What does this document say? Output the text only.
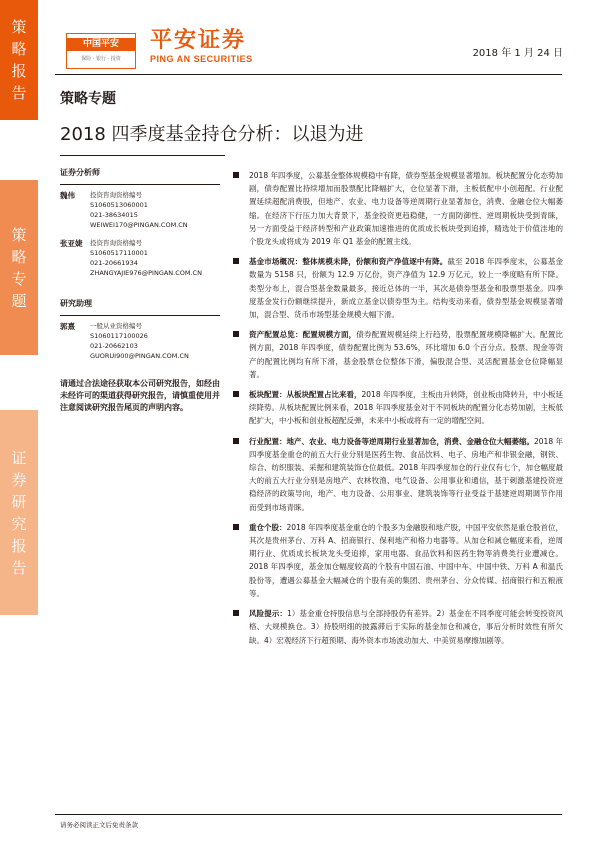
策
略
报
告
策
略
专
题
证
券
研
究
报
告
中国平安
保险 · 银行 · 投资
平安证券
PING AN SECURITIES	2018 年 1 月 24 日
策略专题
2018 四季度基金持仓分析：以退为进
证券分析师
魏伟	投资咨询资格编号
S1060513060001
021-38634015
WEIWEI170@PINGAN.COM.CN
张亚婕	投资咨询资格编号
S1060517110001
021-20661934
ZHANGYAJIE976@PINGAN.COM.CN
研究助理
郭熹	一般从业资格编号
S1060117100026
021-20662103
GUORUI900@PINGAN.COM.CN
请通过合法途径获取本公司研究报告，如经由未经许可的渠道获得研究报告，请慎重使用并注意阅读研究报告尾页的声明内容。
2018 年四季度，公募基金整体规模稳中有降，债券型基金规模显著增加。板块配置分化态势加剧，债券配置比持续增加而股票配比降幅扩大，仓位显著下滑，主板低配中小创超配。行业配置延续超配消费股，但地产、农业、电力设备等逆周期行业显著加仓，消费、金融仓位大幅萎缩。在经济下行压力加大背景下，基金投资更趋稳健，一方面防御性、逆周期板块受到青睐，另一方面受益于经济转型和产业政策加速推进的优质成长板块受到追捧，精选处于价值洼地的个股龙头或将成为 2019 年 Q1 基金的配置主线。
基金市场概况：整体规模未降，份额和资产净值逐中有降。截至 2018 年四季度末，公募基金数量为 5158 只，份额为 12.9 万亿份，资产净值为 12.9 万亿元，较上一季度略有所下降。类型分布上，混合型基金数量最多，接近总体的一半，其次是债券型基金和股票型基金。四季度基金发行份额继续提升，新成立基金以债券型为主。结构变动来看，债券型基金规模显著增加，混合型、货币市场型基金规模大幅下滑。
资产配置总览：配置规模方面，债券配置规模延续上行趋势，股票配置规模降幅扩大。配置比例方面，2018 年四季度，债券配置比例为 53.6%，环比增加 6.0 个百分点。股票、现金等资产的配置比例均有所下滑，基金股票仓位整体下滑，偏股混合型、灵活配置基金仓位降幅显著。
板块配置：从板块配置占比来看，2018 年四季度，主板由升转降，创业板由降转升，中小板延续降势。从板块配置比例来看，2018 年四季度基金对于不同板块的配置分化态势加剧，主板低配扩大，中小板和创业板超配反弹，未来中小板或将有一定的增配空间。
行业配置：地产、农业、电力设备等逆周期行业显著加仓，消费、金融仓位大幅萎缩。2018 年四季度基金重仓的前五大行业分别是医药生物、食品饮料、电子、房地产和非银金融，钢铁、综合、纺织服装、采掘和建筑装饰仓位最低。2018 年四季度加仓的行业仅有七个，加仓幅度最大的前五大行业分别是房地产、农林牧渔、电气设备、公用事业和通信，基于刺激基建投资逆稳经济的政策导向，地产、电力设备、公用事业、建筑装饰等行业受益于基建逆周期调节作用而受到市场青睐。
重仓个股：2018 年四季度基金重仓的个股多为金融股和地产股，中国平安依然是重仓股首位，其次是贵州茅台、万科 A、招商银行、保利地产和格力电器等。从加仓和减仓幅度来看，逆周期行业、优质成长板块龙头受追捧，家用电器、食品饮料和医药生物等消费类行业遭减仓。2018 年四季度，基金加仓幅度较高的个股有中国石油、中国中车、中国中铁、万科 A 和温氏股份等，遭遇公募基金大幅减仓的个股有美的集团、贵州茅台、分众传媒、招商银行和五粮液等。
风险提示：1）基金重仓持股信息与全部持股仍有差异。2）基金在不同季度可能会转变投资风格、大规模换仓。3）持股明细的披露滞后于实际的基金加仓和减仓，事后分析时效性有所欠缺。4）宏观经济下行超预期、海外资本市场波动加大、中美贸易摩擦加剧等。
请务必阅读正文后免责条款
